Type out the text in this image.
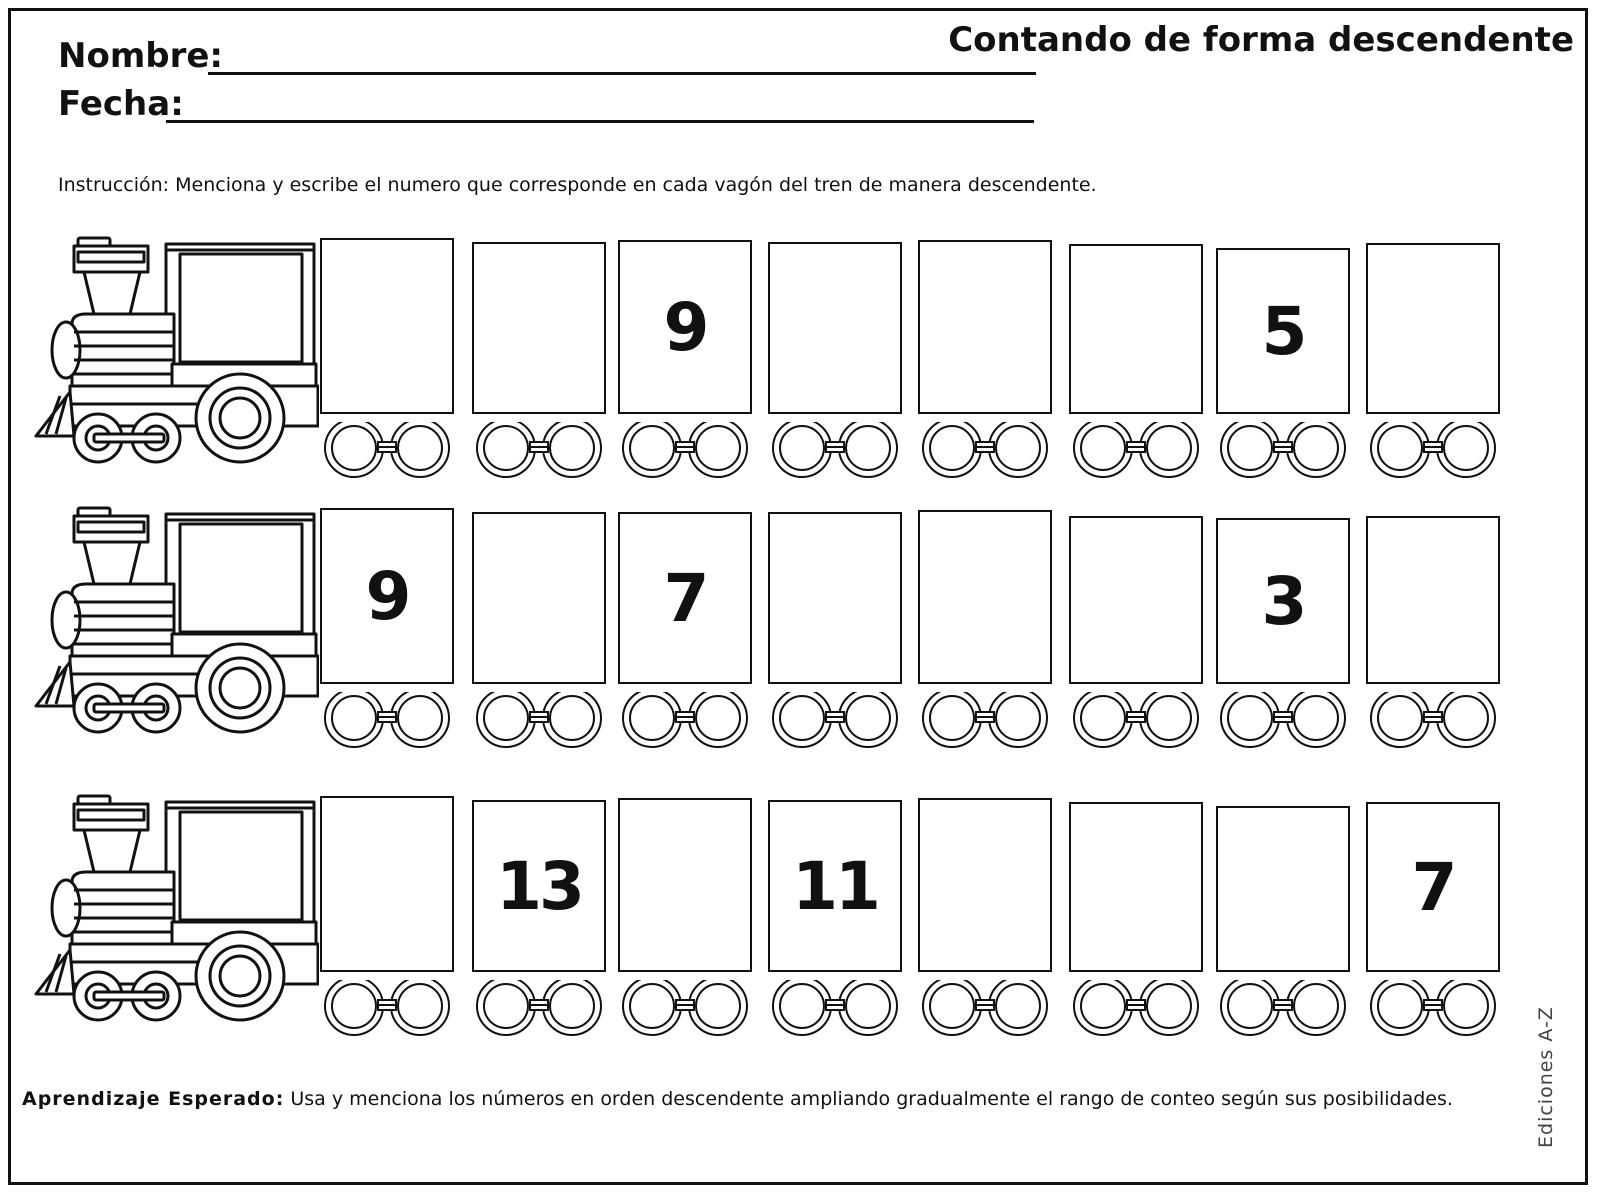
Contando de forma descendente
Nombre:
Fecha:
Instrucción: Menciona y escribe el numero que corresponde en cada vagón del tren de manera descendente.
9	5
9	7	3
13	11	7
Aprendizaje Esperado: Usa y menciona los números en orden descendente ampliando gradualmente el rango de conteo según sus posibilidades.	Ediciones A-Z
